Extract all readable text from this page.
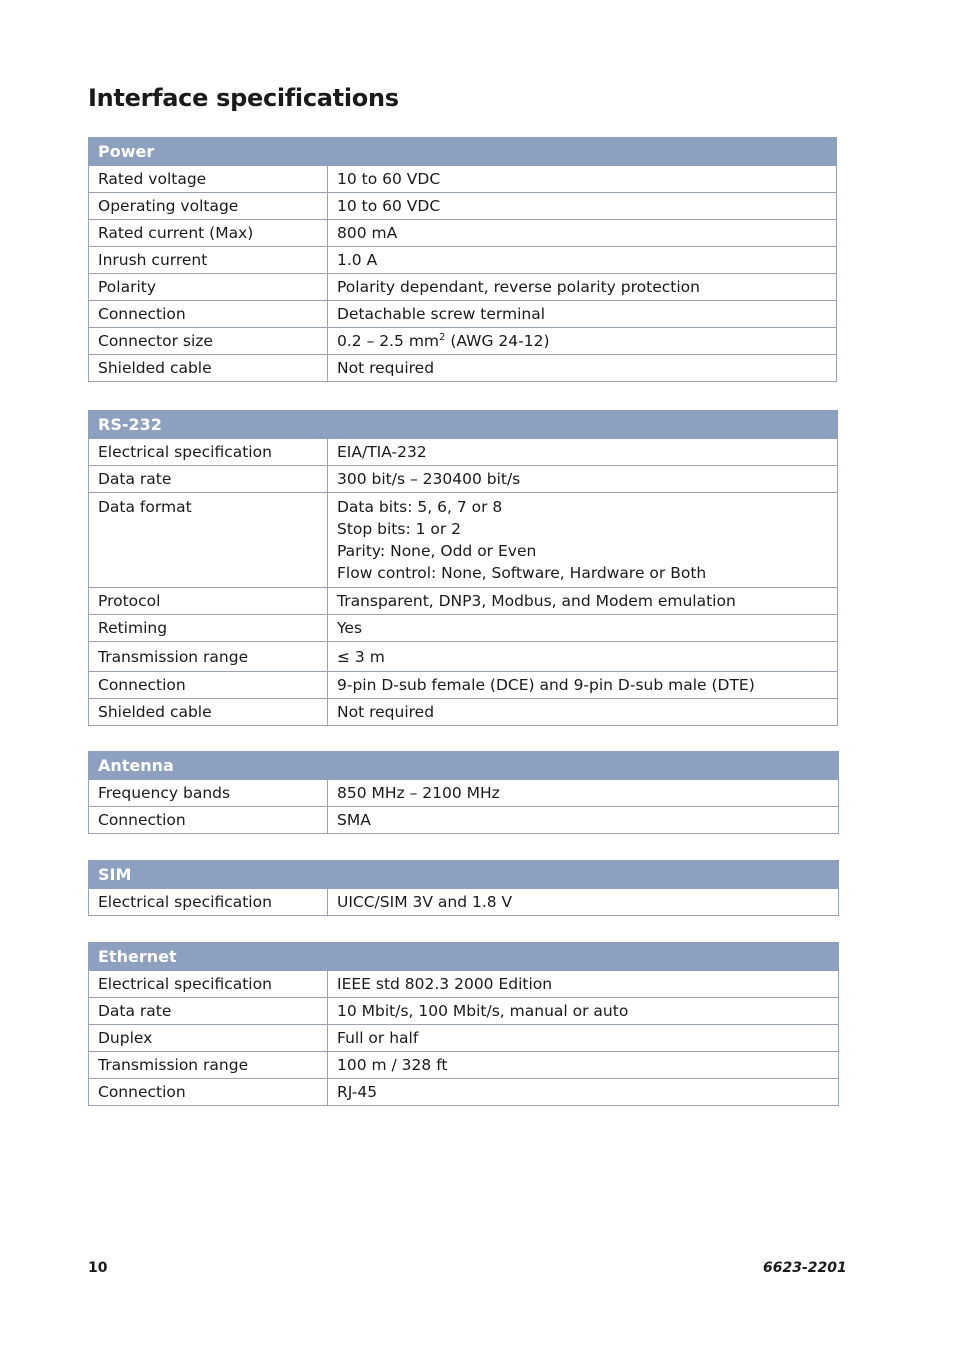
Interface specifications
Power	
Rated voltage	10 to 60 VDC
Operating voltage	10 to 60 VDC
Rated current (Max)	800 mA
Inrush current	1.0 A
Polarity	Polarity dependant, reverse polarity protection
Connection	Detachable screw terminal
Connector size	0.2 – 2.5 $mm^2$ (AWG 24-12)
Shielded cable	Not required
RS-232	
Electrical specification	EIA/TIA-232
Data rate	300 bit/s – 230400 bit/s
Data format	Data bits: 5, 6, 7 or 8
Stop bits: 1 or 2
Parity: None, Odd or Even
Flow control: None, Software, Hardware or Both

Protocol	Transparent, DNP3, Modbus, and Modem emulation
Retiming	Yes
Transmission range	≤ 3 m
Connection	9-pin D-sub female (DCE) and 9-pin D-sub male (DTE)
Shielded cable	Not required
Antenna	
Frequency bands	850 MHz – 2100 MHz
Connection	SMA
SIM
Electrical specification	UICC/SIM 3V and 1.8 V
Ethernet	
Electrical specification	IEEE std 802.3 2000 Edition
Data rate	10 Mbit/s, 100 Mbit/s, manual or auto
Duplex	Full or half
Transmission range	100 m / 328 ft
Connection	RJ-45
10	6623-2201
